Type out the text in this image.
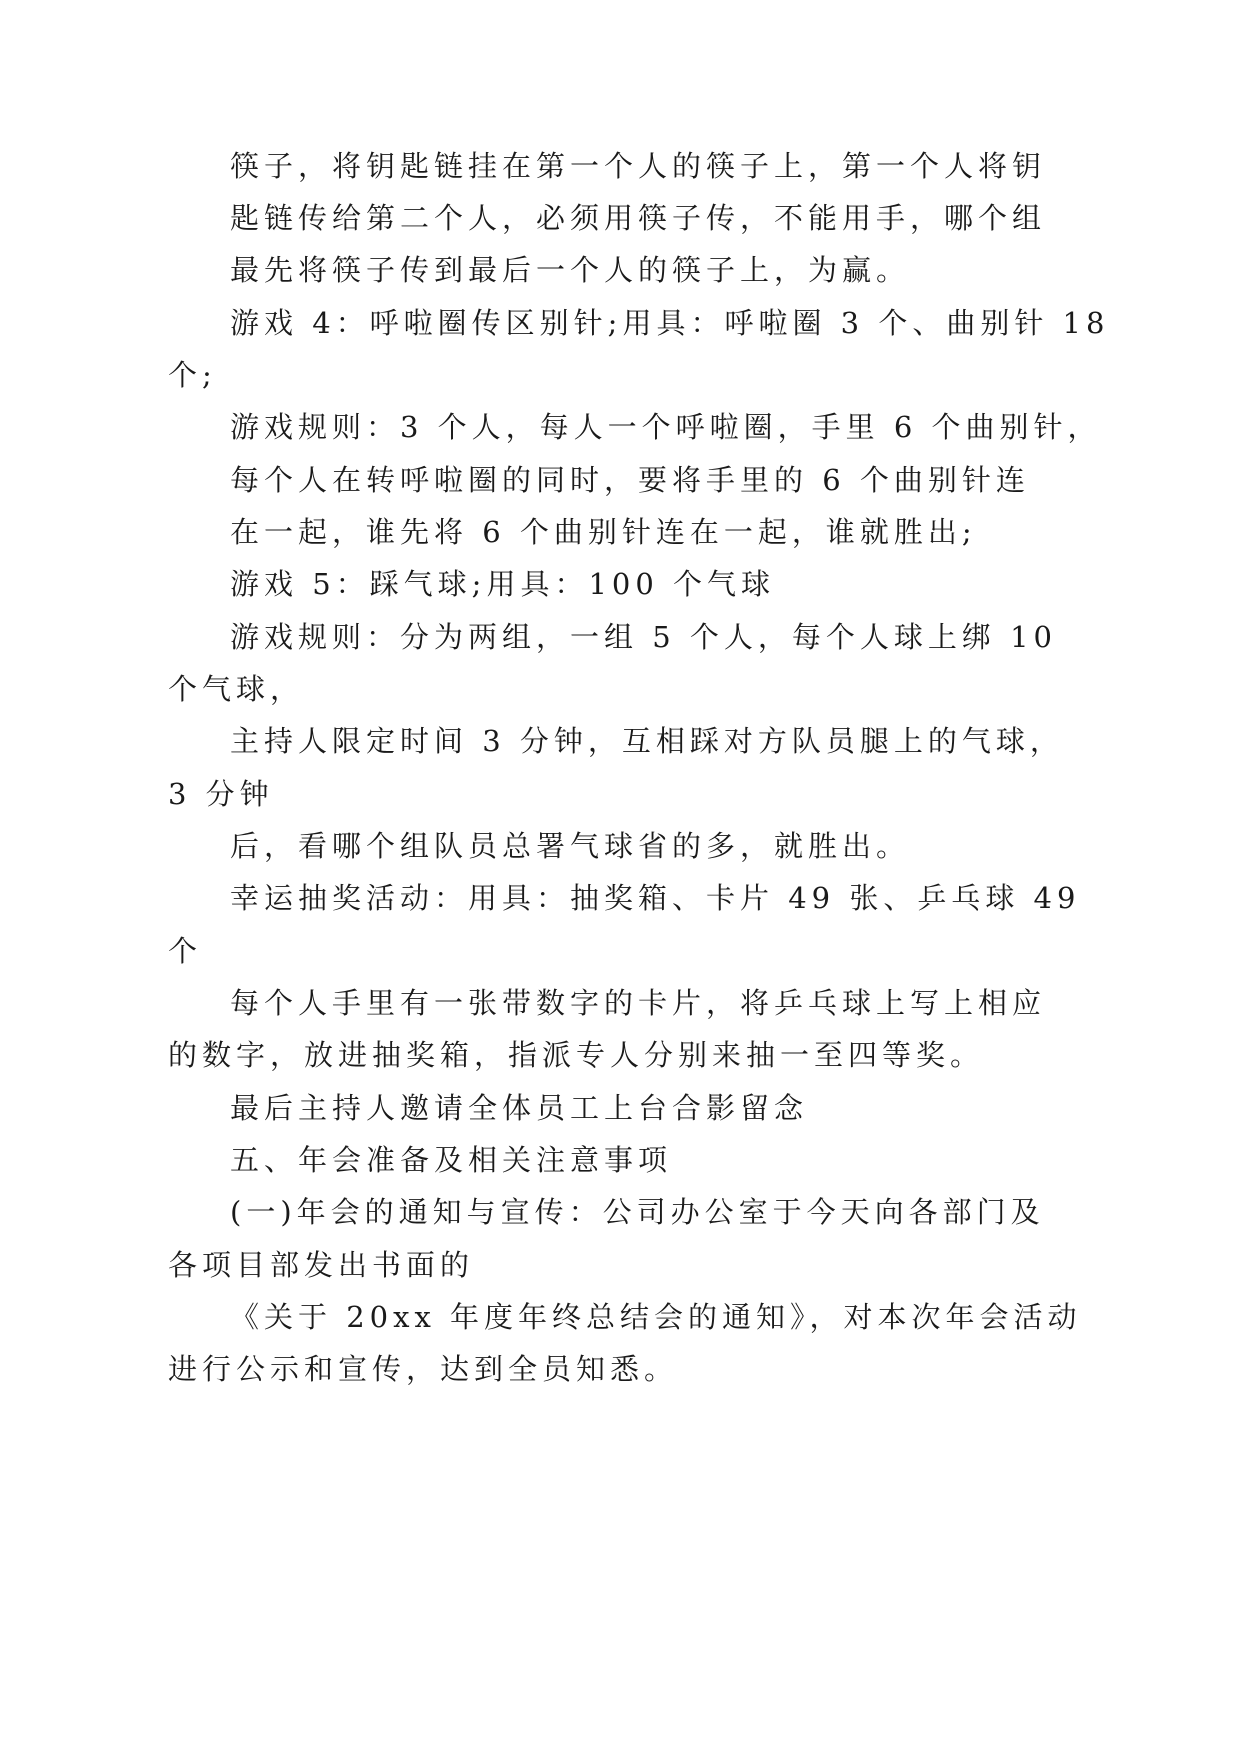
筷子，将钥匙链挂在第一个人的筷子上，第一个人将钥
匙链传给第二个人，必须用筷子传，不能用手，哪个组
最先将筷子传到最后一个人的筷子上，为赢。
游戏 4：呼啦圈传区别针;用具：呼啦圈 3 个、曲别针 18
个;
游戏规则：3 个人，每人一个呼啦圈，手里 6 个曲别针，
每个人在转呼啦圈的同时，要将手里的 6 个曲别针连
在一起，谁先将 6 个曲别针连在一起，谁就胜出;
游戏 5：踩气球;用具：100 个气球
游戏规则：分为两组，一组 5 个人，每个人球上绑 10
个气球，
主持人限定时间 3 分钟，互相踩对方队员腿上的气球，
3 分钟
后，看哪个组队员总署气球省的多，就胜出。
幸运抽奖活动：用具：抽奖箱、卡片 49 张、乒乓球 49
个
每个人手里有一张带数字的卡片，将乒乓球上写上相应
的数字，放进抽奖箱，指派专人分别来抽一至四等奖。
最后主持人邀请全体员工上台合影留念
五、年会准备及相关注意事项
(一)年会的通知与宣传：公司办公室于今天向各部门及
各项目部发出书面的
《关于 20xx 年度年终总结会的通知》，对本次年会活动
进行公示和宣传，达到全员知悉。
